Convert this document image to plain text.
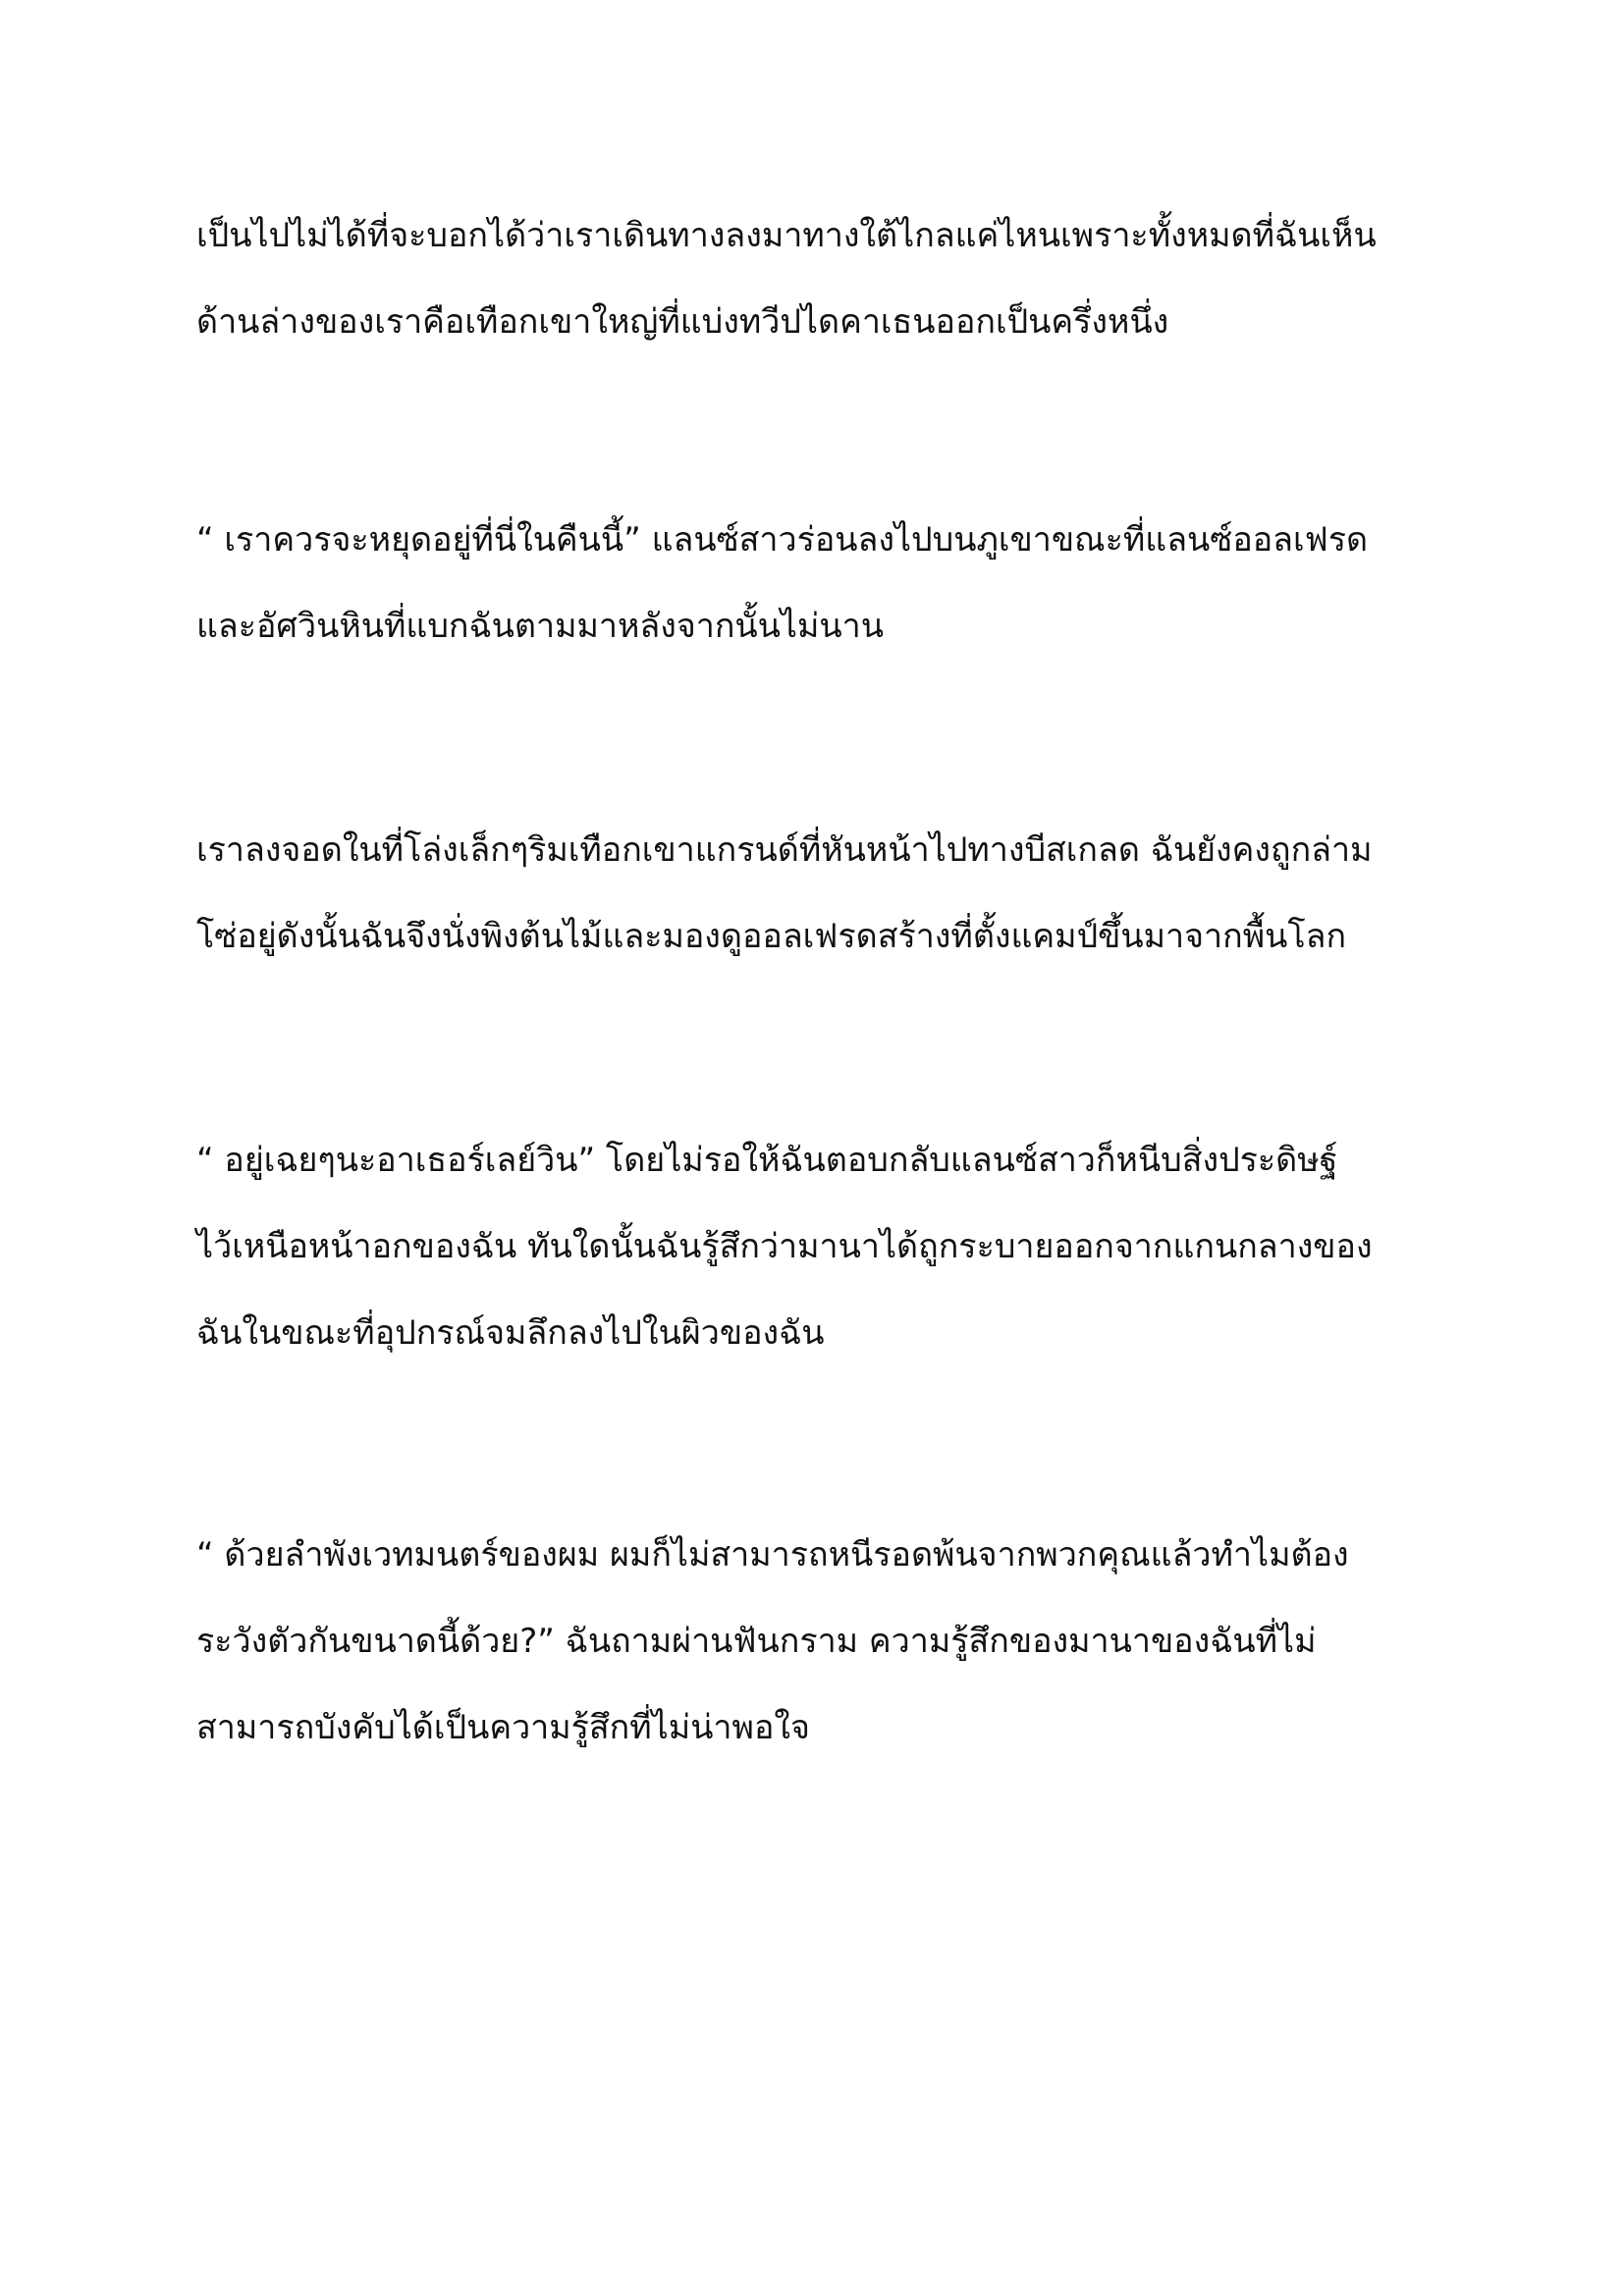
เป็นไปไม่ได้ที่จะบอกได้ว่าเราเดินทางลงมาทางใต้ไกลแค่ไหนเพราะทั้งหมดที่ฉันเห็น
ด้านล่างของเราคือเทือกเขาใหญ่ที่แบ่งทวีปไดคาเธนออกเป็นครึ่งหนึ่ง

“ เราควรจะหยุดอยู่ที่นี่ในคืนนี้” แลนซ์สาวร่อนลงไปบนภูเขาขณะที่แลนซ์ออลเฟรด
และอัศวินหินที่แบกฉันตามมาหลังจากนั้นไม่นาน

เราลงจอดในที่โล่งเล็กๆริมเทือกเขาแกรนด์ที่หันหน้าไปทางบีสเกลด ฉันยังคงถูกล่าม
โซ่อยู่ดังนั้นฉันจึงนั่งพิงต้นไม้และมองดูออลเฟรดสร้างที่ตั้งแคมป์ขึ้นมาจากพื้นโลก

“ อยู่เฉยๆนะอาเธอร์เลย์วิน” โดยไม่รอให้ฉันตอบกลับแลนซ์สาวก็หนีบสิ่งประดิษฐ์
ไว้เหนือหน้าอกของฉัน ทันใดนั้นฉันรู้สึกว่ามานาได้ถูกระบายออกจากแกนกลางของ
ฉันในขณะที่อุปกรณ์จมลึกลงไปในผิวของฉัน

“ ด้วยลำพังเวทมนตร์ของผม ผมก็ไม่สามารถหนีรอดพ้นจากพวกคุณแล้วทำไมต้อง
ระวังตัวกันขนาดนี้ด้วย?” ฉันถามผ่านฟันกราม ความรู้สึกของมานาของฉันที่ไม่
สามารถบังคับได้เป็นความรู้สึกที่ไม่น่าพอใจ
